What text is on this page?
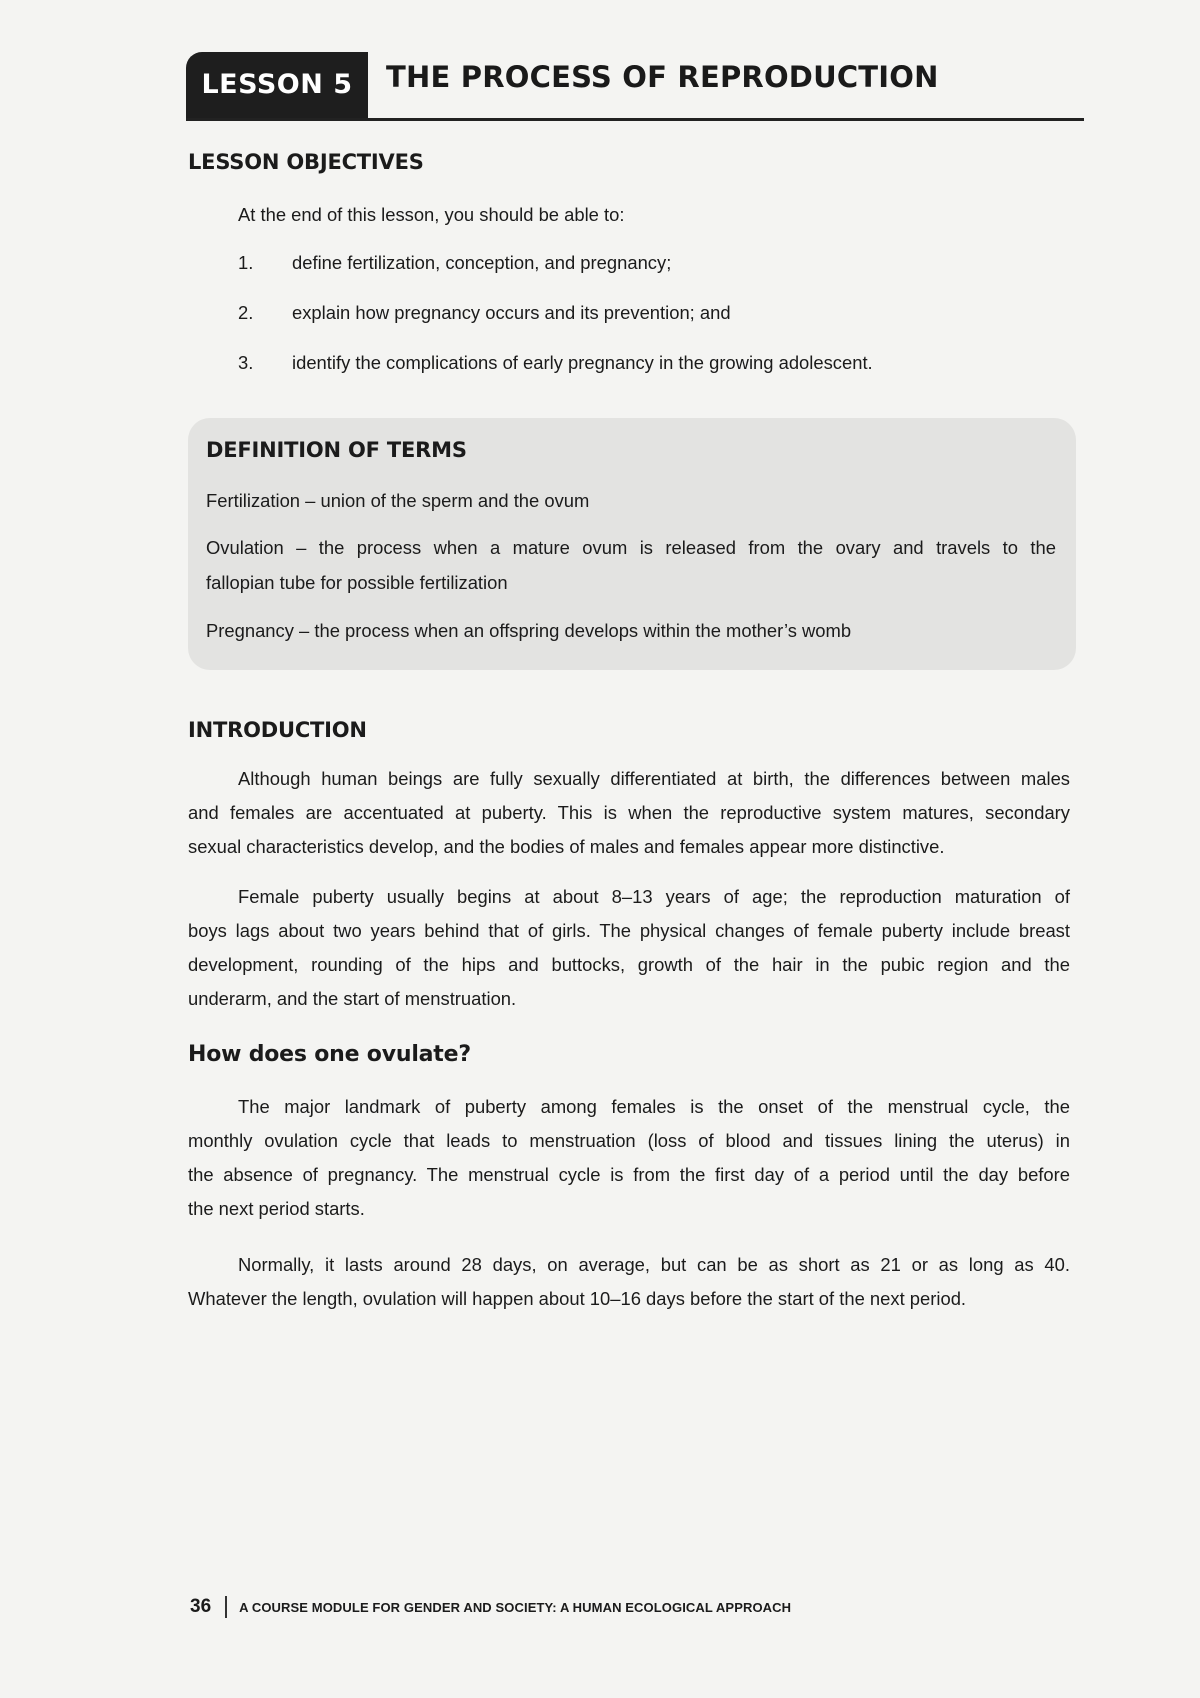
LESSON 5	THE PROCESS OF REPRODUCTION
LESSON OBJECTIVES
At the end of this lesson, you should be able to:
1. define fertilization, conception, and pregnancy;
2. explain how pregnancy occurs and its prevention; and
3. identify the complications of early pregnancy in the growing adolescent.
DEFINITION OF TERMS
Fertilization – union of the sperm and the ovum
Ovulation – the process when a mature ovum is released from the ovary and travels to the
fallopian tube for possible fertilization
Pregnancy – the process when an offspring develops within the mother’s womb
INTRODUCTION
Although human beings are fully sexually differentiated at birth, the differences between males
and females are accentuated at puberty. This is when the reproductive system matures, secondary
sexual characteristics develop, and the bodies of males and females appear more distinctive.
Female puberty usually begins at about 8–13 years of age; the reproduction maturation of
boys lags about two years behind that of girls. The physical changes of female puberty include breast
development, rounding of the hips and buttocks, growth of the hair in the pubic region and the
underarm, and the start of menstruation.
How does one ovulate?
The major landmark of puberty among females is the onset of the menstrual cycle, the
monthly ovulation cycle that leads to menstruation (loss of blood and tissues lining the uterus) in
the absence of pregnancy. The menstrual cycle is from the first day of a period until the day before
the next period starts.
Normally, it lasts around 28 days, on average, but can be as short as 21 or as long as 40.
Whatever the length, ovulation will happen about 10–16 days before the start of the next period.
36 A COURSE MODULE FOR GENDER AND SOCIETY: A HUMAN ECOLOGICAL APPROACH
